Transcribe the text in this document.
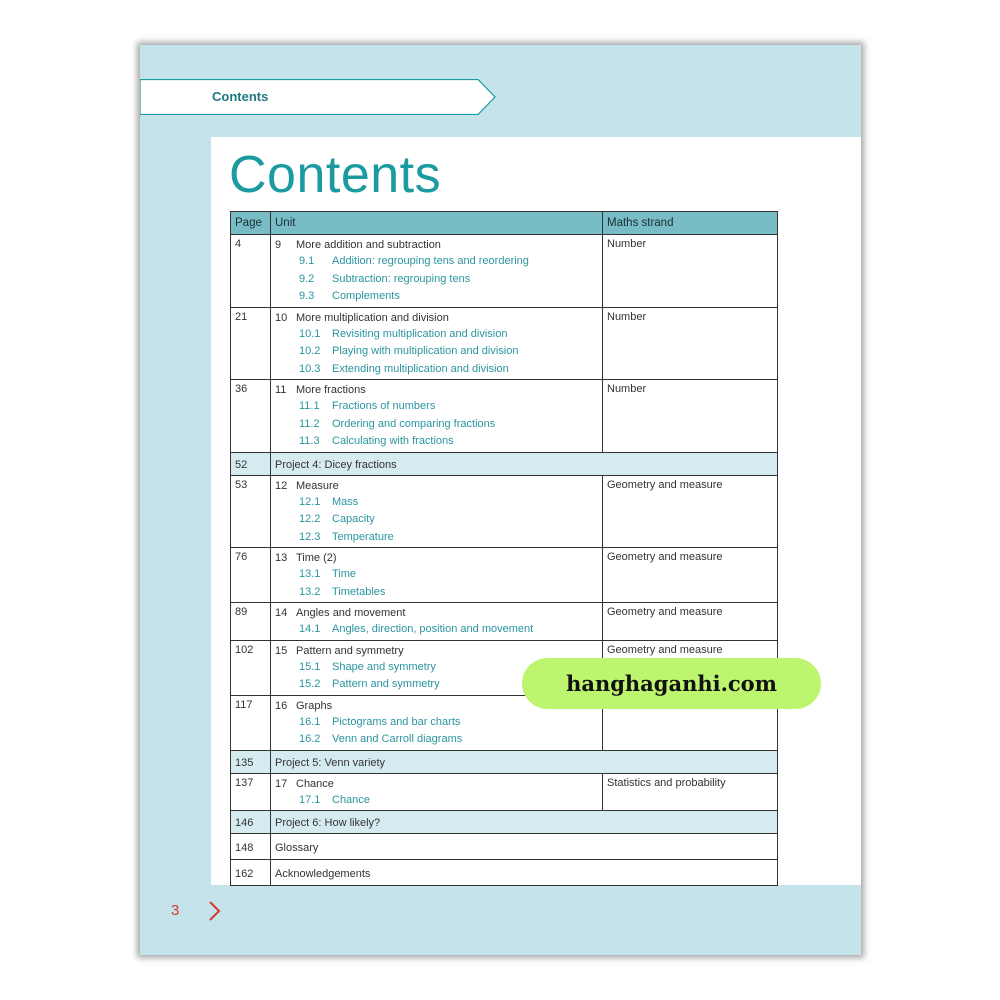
Contents
Contents
Page	Unit	Maths strand
4	9 More addition and subtraction
9.1 Addition: regrouping tens and reordering
9.2 Subtraction: regrouping tens
9.3 Complements	Number
21	10 More multiplication and division
10.1 Revisiting multiplication and division
10.2 Playing with multiplication and division
10.3 Extending multiplication and division	Number
36	11 More fractions
11.1 Fractions of numbers
11.2 Ordering and comparing fractions
11.3 Calculating with fractions	Number
52	Project 4: Dicey fractions	
53	12 Measure
12.1 Mass
12.2 Capacity
12.3 Temperature	Geometry and measure
76	13 Time (2)
13.1 Time
13.2 Timetables	Geometry and measure
89	14 Angles and movement
14.1 Angles, direction, position and movement	Geometry and measure
102	15 Pattern and symmetry
15.1 Shape and symmetry
15.2 Pattern and symmetry	Geometry and measure
117	16 Graphs
16.1 Pictograms and bar charts
16.2 Venn and Carroll diagrams	

135	Project 5: Venn variety	
137	17 Chance
17.1 Chance	Statistics and probability
146	Project 6: How likely?	
148	Glossary	
162	Acknowledgements	
3
hanghaganhi.com
